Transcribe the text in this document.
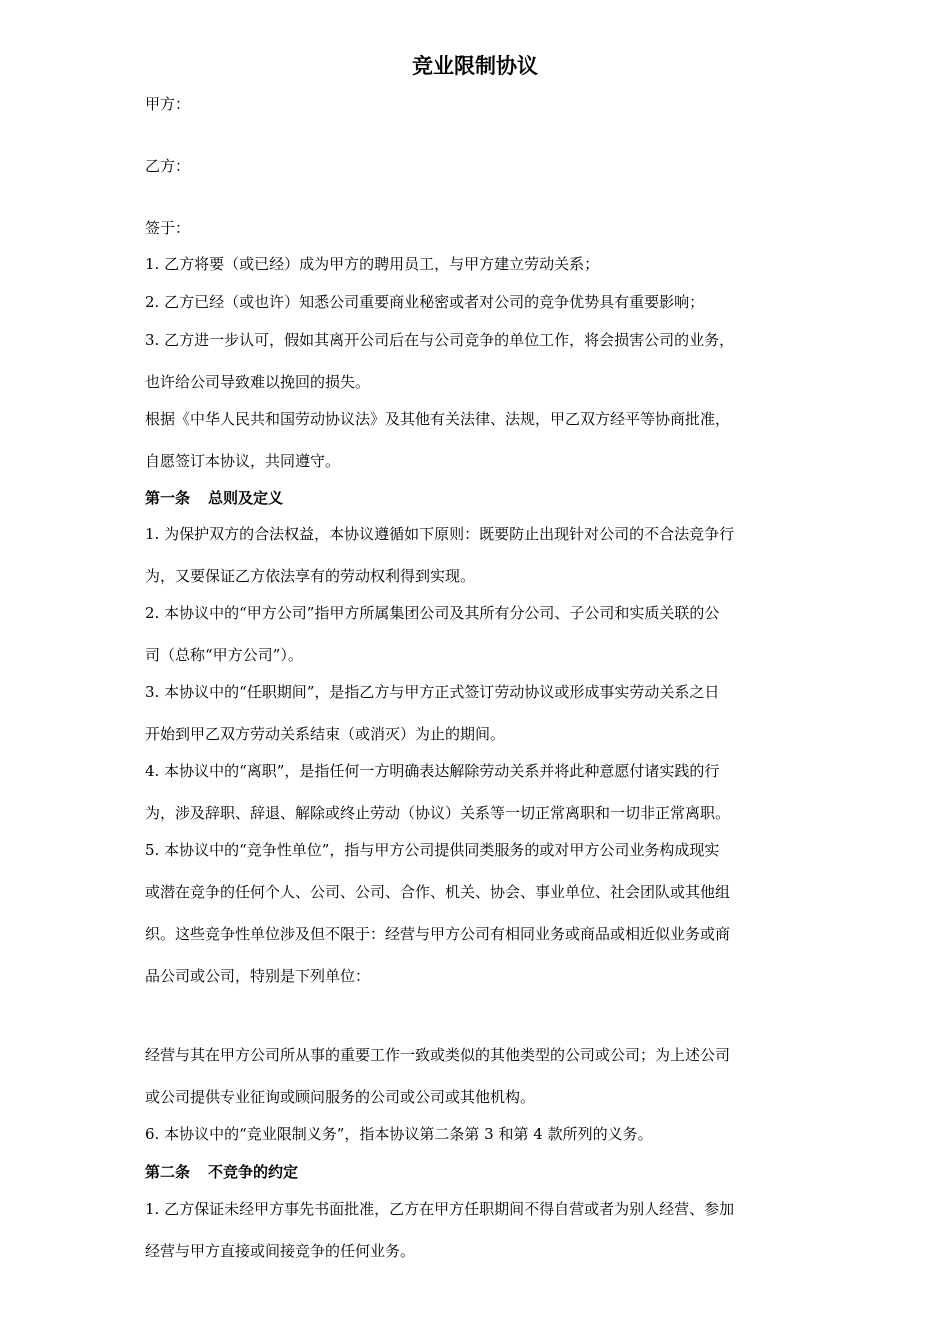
竞业限制协议
甲方：
乙方：
签于：
1. 乙方将要（或已经）成为甲方的聘用员工，与甲方建立劳动关系；
2. 乙方已经（或也许）知悉公司重要商业秘密或者对公司的竞争优势具有重要影响；
3. 乙方进一步认可，假如其离开公司后在与公司竞争的单位工作，将会损害公司的业务，
也许给公司导致难以挽回的损失。
根据《中华人民共和国劳动协议法》及其他有关法律、法规，甲乙双方经平等协商批准，
自愿签订本协议，共同遵守。
第一条 总则及定义
1. 为保护双方的合法权益，本协议遵循如下原则：既要防止出现针对公司的不合法竞争行
为，又要保证乙方依法享有的劳动权利得到实现。
2. 本协议中的“甲方公司”指甲方所属集团公司及其所有分公司、子公司和实质关联的公
司（总称“甲方公司”）。
3. 本协议中的“任职期间”，是指乙方与甲方正式签订劳动协议或形成事实劳动关系之日
开始到甲乙双方劳动关系结束（或消灭）为止的期间。
4. 本协议中的“离职”，是指任何一方明确表达解除劳动关系并将此种意愿付诸实践的行
为，涉及辞职、辞退、解除或终止劳动（协议）关系等一切正常离职和一切非正常离职。
5. 本协议中的“竞争性单位”，指与甲方公司提供同类服务的或对甲方公司业务构成现实
或潜在竞争的任何个人、公司、公司、合作、机关、协会、事业单位、社会团队或其他组
织。这些竞争性单位涉及但不限于：经营与甲方公司有相同业务或商品或相近似业务或商
品公司或公司，特别是下列单位：
经营与其在甲方公司所从事的重要工作一致或类似的其他类型的公司或公司；为上述公司
或公司提供专业征询或顾问服务的公司或公司或其他机构。
6. 本协议中的“竞业限制义务”，指本协议第二条第 3 和第 4 款所列的义务。
第二条 不竞争的约定
1. 乙方保证未经甲方事先书面批准，乙方在甲方任职期间不得自营或者为别人经营、参加
经营与甲方直接或间接竞争的任何业务。
